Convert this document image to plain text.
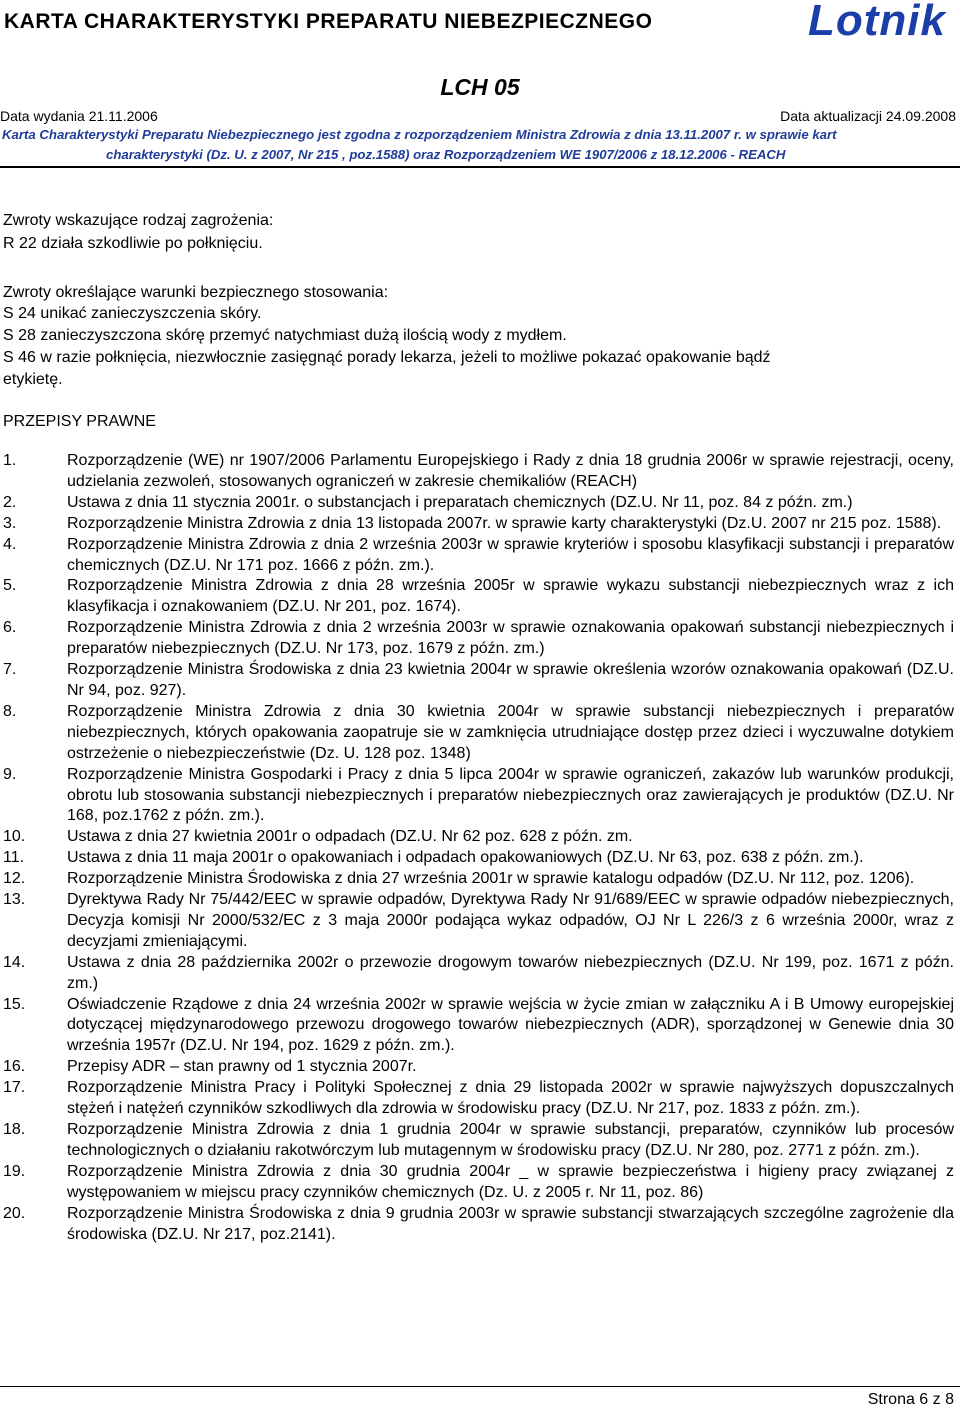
KARTA CHARAKTERYSTYKI PREPARATU NIEBEZPIECZNEGO	Lotnik
LCH 05
Data wydania 21.11.2006	Data aktualizacji 24.09.2008
Karta Charakterystyki Preparatu Niebezpiecznego jest zgodna z rozporządzeniem Ministra Zdrowia z dnia 13.11.2007 r. w sprawie kart
charakterystyki (Dz. U. z 2007, Nr 215 , poz.1588) oraz Rozporządzeniem WE 1907/2006 z 18.12.2006 - REACH
Zwroty wskazujące rodzaj zagrożenia:
R 22 działa szkodliwie po połknięciu.
Zwroty określające warunki bezpiecznego stosowania:
S 24 unikać zanieczyszczenia skóry.
S 28 zanieczyszczona skórę przemyć natychmiast dużą ilością wody z mydłem.
S 46 w razie połknięcia, niezwłocznie zasięgnąć porady lekarza, jeżeli to możliwe pokazać opakowanie bądź
etykietę.
PRZEPISY PRAWNE
1.	Rozporządzenie (WE) nr 1907/2006 Parlamentu Europejskiego i Rady z dnia 18 grudnia 2006r w sprawie rejestracji, oceny, udzielania zezwoleń, stosowanych ograniczeń w zakresie chemikaliów (REACH)
2.	Ustawa z dnia 11 stycznia 2001r. o substancjach i preparatach chemicznych (DZ.U. Nr 11, poz. 84 z późn. zm.)
3.	Rozporządzenie Ministra Zdrowia z dnia 13 listopada 2007r. w sprawie karty charakterystyki (Dz.U. 2007 nr 215 poz. 1588).
4.	Rozporządzenie Ministra Zdrowia z dnia 2 września 2003r w sprawie kryteriów i sposobu klasyfikacji substancji i preparatów chemicznych (DZ.U. Nr 171 poz. 1666 z późn. zm.).
5.	Rozporządzenie Ministra Zdrowia z dnia 28 września 2005r w sprawie wykazu substancji niebezpiecznych wraz z ich klasyfikacja i oznakowaniem (DZ.U. Nr 201, poz. 1674).
6.	Rozporządzenie Ministra Zdrowia z dnia 2 września 2003r w sprawie oznakowania opakowań substancji niebezpiecznych i preparatów niebezpiecznych (DZ.U. Nr 173, poz. 1679 z późn. zm.)
7.	Rozporządzenie Ministra Środowiska z dnia 23 kwietnia 2004r w sprawie określenia wzorów oznakowania opakowań (DZ.U. Nr 94, poz. 927).
8.	Rozporządzenie Ministra Zdrowia z dnia 30 kwietnia 2004r w sprawie substancji niebezpiecznych i preparatów niebezpiecznych, których opakowania zaopatruje sie w zamknięcia utrudniające dostęp przez dzieci i wyczuwalne dotykiem ostrzeżenie o niebezpieczeństwie (Dz. U. 128 poz. 1348)
9.	Rozporządzenie Ministra Gospodarki i Pracy z dnia 5 lipca 2004r w sprawie ograniczeń, zakazów lub warunków produkcji, obrotu lub stosowania substancji niebezpiecznych i preparatów niebezpiecznych oraz zawierających je produktów (DZ.U. Nr 168, poz.1762 z późn. zm.).
10.	Ustawa z dnia 27 kwietnia 2001r o odpadach (DZ.U. Nr 62 poz. 628 z późn. zm.
11.	Ustawa z dnia 11 maja 2001r o opakowaniach i odpadach opakowaniowych (DZ.U. Nr 63, poz. 638 z późn. zm.).
12.	Rozporządzenie Ministra Środowiska z dnia 27 września 2001r w sprawie katalogu odpadów (DZ.U. Nr 112, poz. 1206).
13.	Dyrektywa Rady Nr 75/442/EEC w sprawie odpadów, Dyrektywa Rady Nr 91/689/EEC w sprawie odpadów niebezpiecznych, Decyzja komisji Nr 2000/532/EC z 3 maja 2000r podająca wykaz odpadów, OJ Nr L 226/3 z 6 września 2000r, wraz z decyzjami zmieniającymi.
14.	Ustawa z dnia 28 października 2002r o przewozie drogowym towarów niebezpiecznych (DZ.U. Nr 199, poz. 1671 z późn. zm.)
15.	Oświadczenie Rządowe z dnia 24 września 2002r w sprawie wejścia w życie zmian w załączniku A i B Umowy europejskiej dotyczącej międzynarodowego przewozu drogowego towarów niebezpiecznych (ADR), sporządzonej w Genewie dnia 30 września 1957r (DZ.U. Nr 194, poz. 1629 z późn. zm.).
16.	Przepisy ADR – stan prawny od 1 stycznia 2007r.
17.	Rozporządzenie Ministra Pracy i Polityki Społecznej z dnia 29 listopada 2002r w sprawie najwyższych dopuszczalnych stężeń i natężeń czynników szkodliwych dla zdrowia w środowisku pracy (DZ.U. Nr 217, poz. 1833 z późn. zm.).
18.	Rozporządzenie Ministra Zdrowia z dnia 1 grudnia 2004r w sprawie substancji, preparatów, czynników lub procesów technologicznych o działaniu rakotwórczym lub mutagennym w środowisku pracy (DZ.U. Nr 280, poz. 2771 z późn. zm.).
19.	Rozporządzenie Ministra Zdrowia z dnia 30 grudnia 2004r _ w sprawie bezpieczeństwa i higieny pracy związanej z występowaniem w miejscu pracy czynników chemicznych (Dz. U. z 2005 r. Nr 11, poz. 86)
20.	Rozporządzenie Ministra Środowiska z dnia 9 grudnia 2003r w sprawie substancji stwarzających szczególne zagrożenie dla środowiska (DZ.U. Nr 217, poz.2141).
Strona 6 z 8
